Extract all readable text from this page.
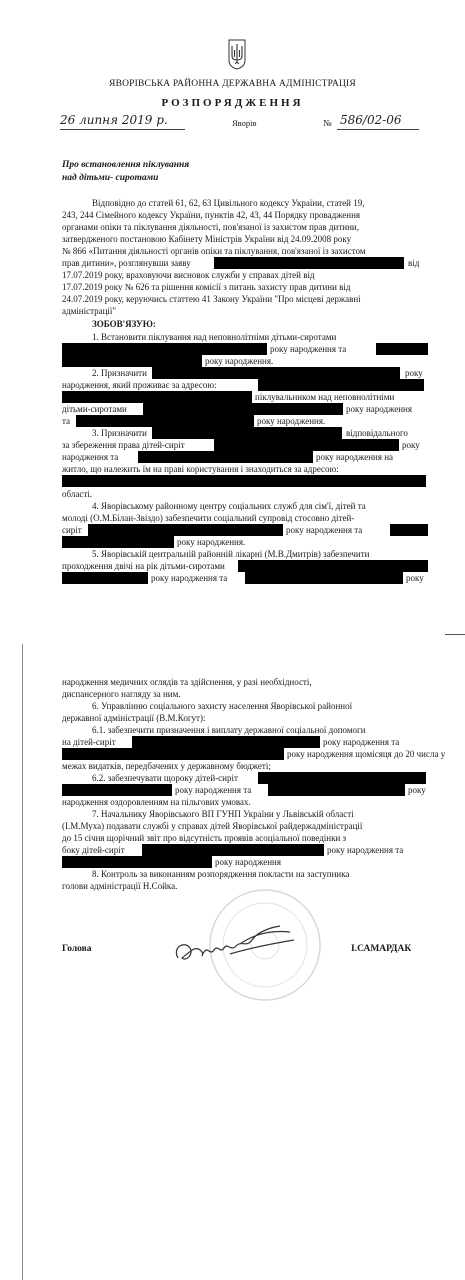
ЯВОРІВСЬКА РАЙОННА ДЕРЖАВНА АДМІНІСТРАЦІЯ
РОЗПОРЯДЖЕННЯ
26 липня 2019 р.	Яворів	№ 586/02-06
Про встановлення піклування
над дітьми- сиротами
Відповідно до статей 61, 62, 63 Цивільного кодексу України, статей 19,
243, 244 Сімейного кодексу України, пунктів 42, 43, 44 Порядку провадження
органами опіки та піклування діяльності, пов'язаної із захистом прав дитини,
затвердженого постановою Кабінету Міністрів України від 24.09.2008 року
№ 866 «Питання діяльності органів опіки та піклування, пов'язаної із захистом
прав дитини», розглянувши заяву	від
17.07.2019 року, враховуючи висновок служби у справах дітей від
17.07.2019 року № 626 та рішення комісії з питань захисту прав дитини від
24.07.2019 року, керуючись статтею 41 Закону України "Про місцеві державні
адміністрації"
ЗОБОВ'ЯЗУЮ:
1. Встановити піклування над неповнолітніми дітьми-сиротами
року народження та
року народження.
2. Призначити	року
народження, який проживає за адресою:
піклувальником над неповнолітніми
дітьми-сиротами	року народження
та	року народження.
3. Призначити	відповідального
за збереження права дітей-сиріт	року
народження та	року народження на
житло, що належить їм на праві користування і знаходиться за адресою:
області.
4. Яворівському районному центру соціальних служб для сім'ї, дітей та
молоді (О.М.Білан-Звіздо) забезпечити соціальний супровід стосовно дітей-
сиріт	року народження та
року народження.
5. Яворівській центральній районній лікарні (М.В.Дмитрів) забезпечити
проходження двічі на рік дітьми-сиротами
року народження та	року
народження медичних оглядів та здійснення, у разі необхідності,
диспансерного нагляду за ним.
6. Управлінню соціального захисту населення Яворівської районної
державної адміністрації (В.М.Когут):
6.1. забезпечити призначення і виплату державної соціальної допомоги
на дітей-сиріт	року народження та
року народження щомісяця до 20 числа у
межах видатків, передбачених у державному бюджеті;
6.2. забезпечувати щороку дітей-сиріт
року народження та	року
народження оздоровленням на пільгових умовах.
7. Начальнику Яворівського ВП ГУНП України у Львівській області
(І.М.Муха) подавати службі у справах дітей Яворівської райдержадміністрації
до 15 січня щорічний звіт про відсутність проявів асоціальної поведінки з
боку дітей-сиріт	року народження та
року народження
8. Контроль за виконанням розпорядження покласти на заступника
голови адміністрації Н.Сойка.
Голова	І.САМАРДАК
